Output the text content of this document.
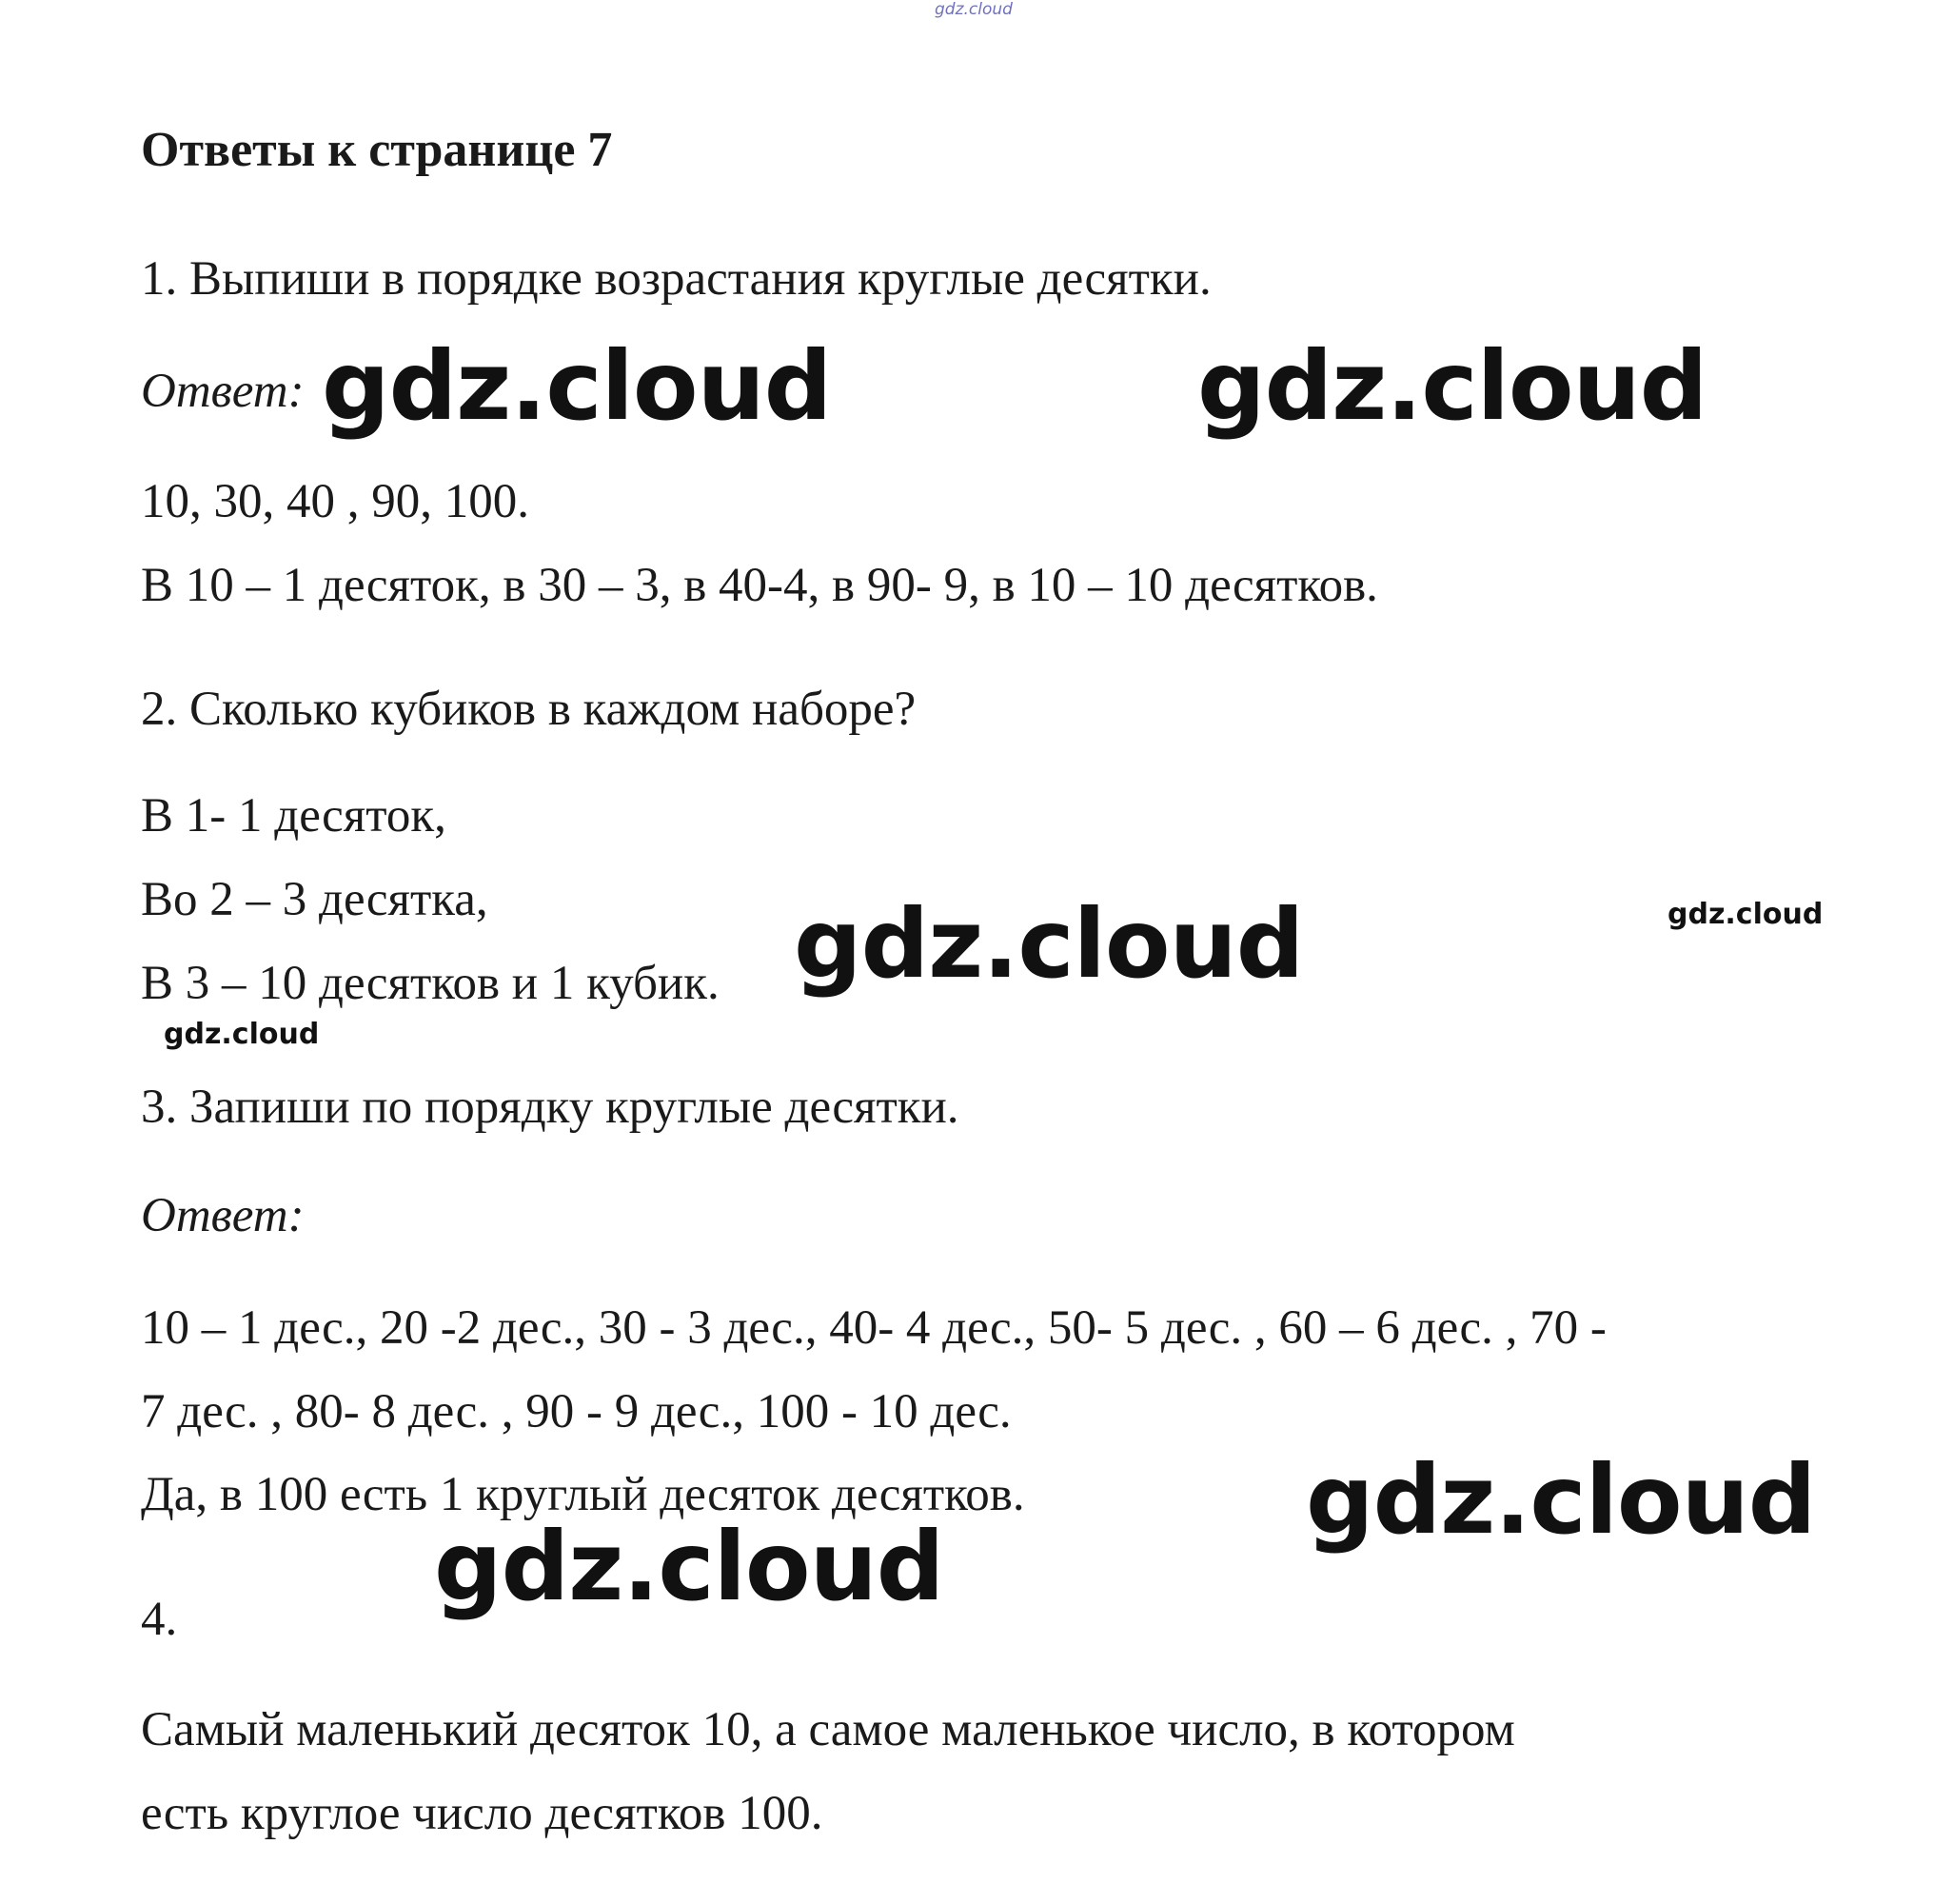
gdz.cloud
Ответы к странице 7
1. Выпиши в порядке возрастания круглые десятки.
Ответ:
10, 30, 40 , 90, 100.
В 10 – 1 десяток, в 30 – 3, в 40-4, в 90- 9, в 10 – 10 десятков.
2. Сколько кубиков в каждом наборе?
В 1- 1 десяток,
Во 2 – 3 десятка,
В 3 – 10 десятков и 1 кубик.
3. Запиши по порядку круглые десятки.
Ответ:
10 – 1 дес., 20 -2 дес., 30 - 3 дес., 40- 4 дес., 50- 5 дес. , 60 – 6 дес. , 70 -
7 дес. , 80- 8 дес. , 90 - 9 дес., 100 - 10 дес.
Да, в 100 есть 1 круглый десяток десятков.
4.
Самый маленький десяток 10, а самое маленькое число, в котором
есть круглое число десятков 100.
gdz.cloud	gdz.cloud
gdz.cloud	gdz.cloud
gdz.cloud
gdz.cloud
gdz.cloud
